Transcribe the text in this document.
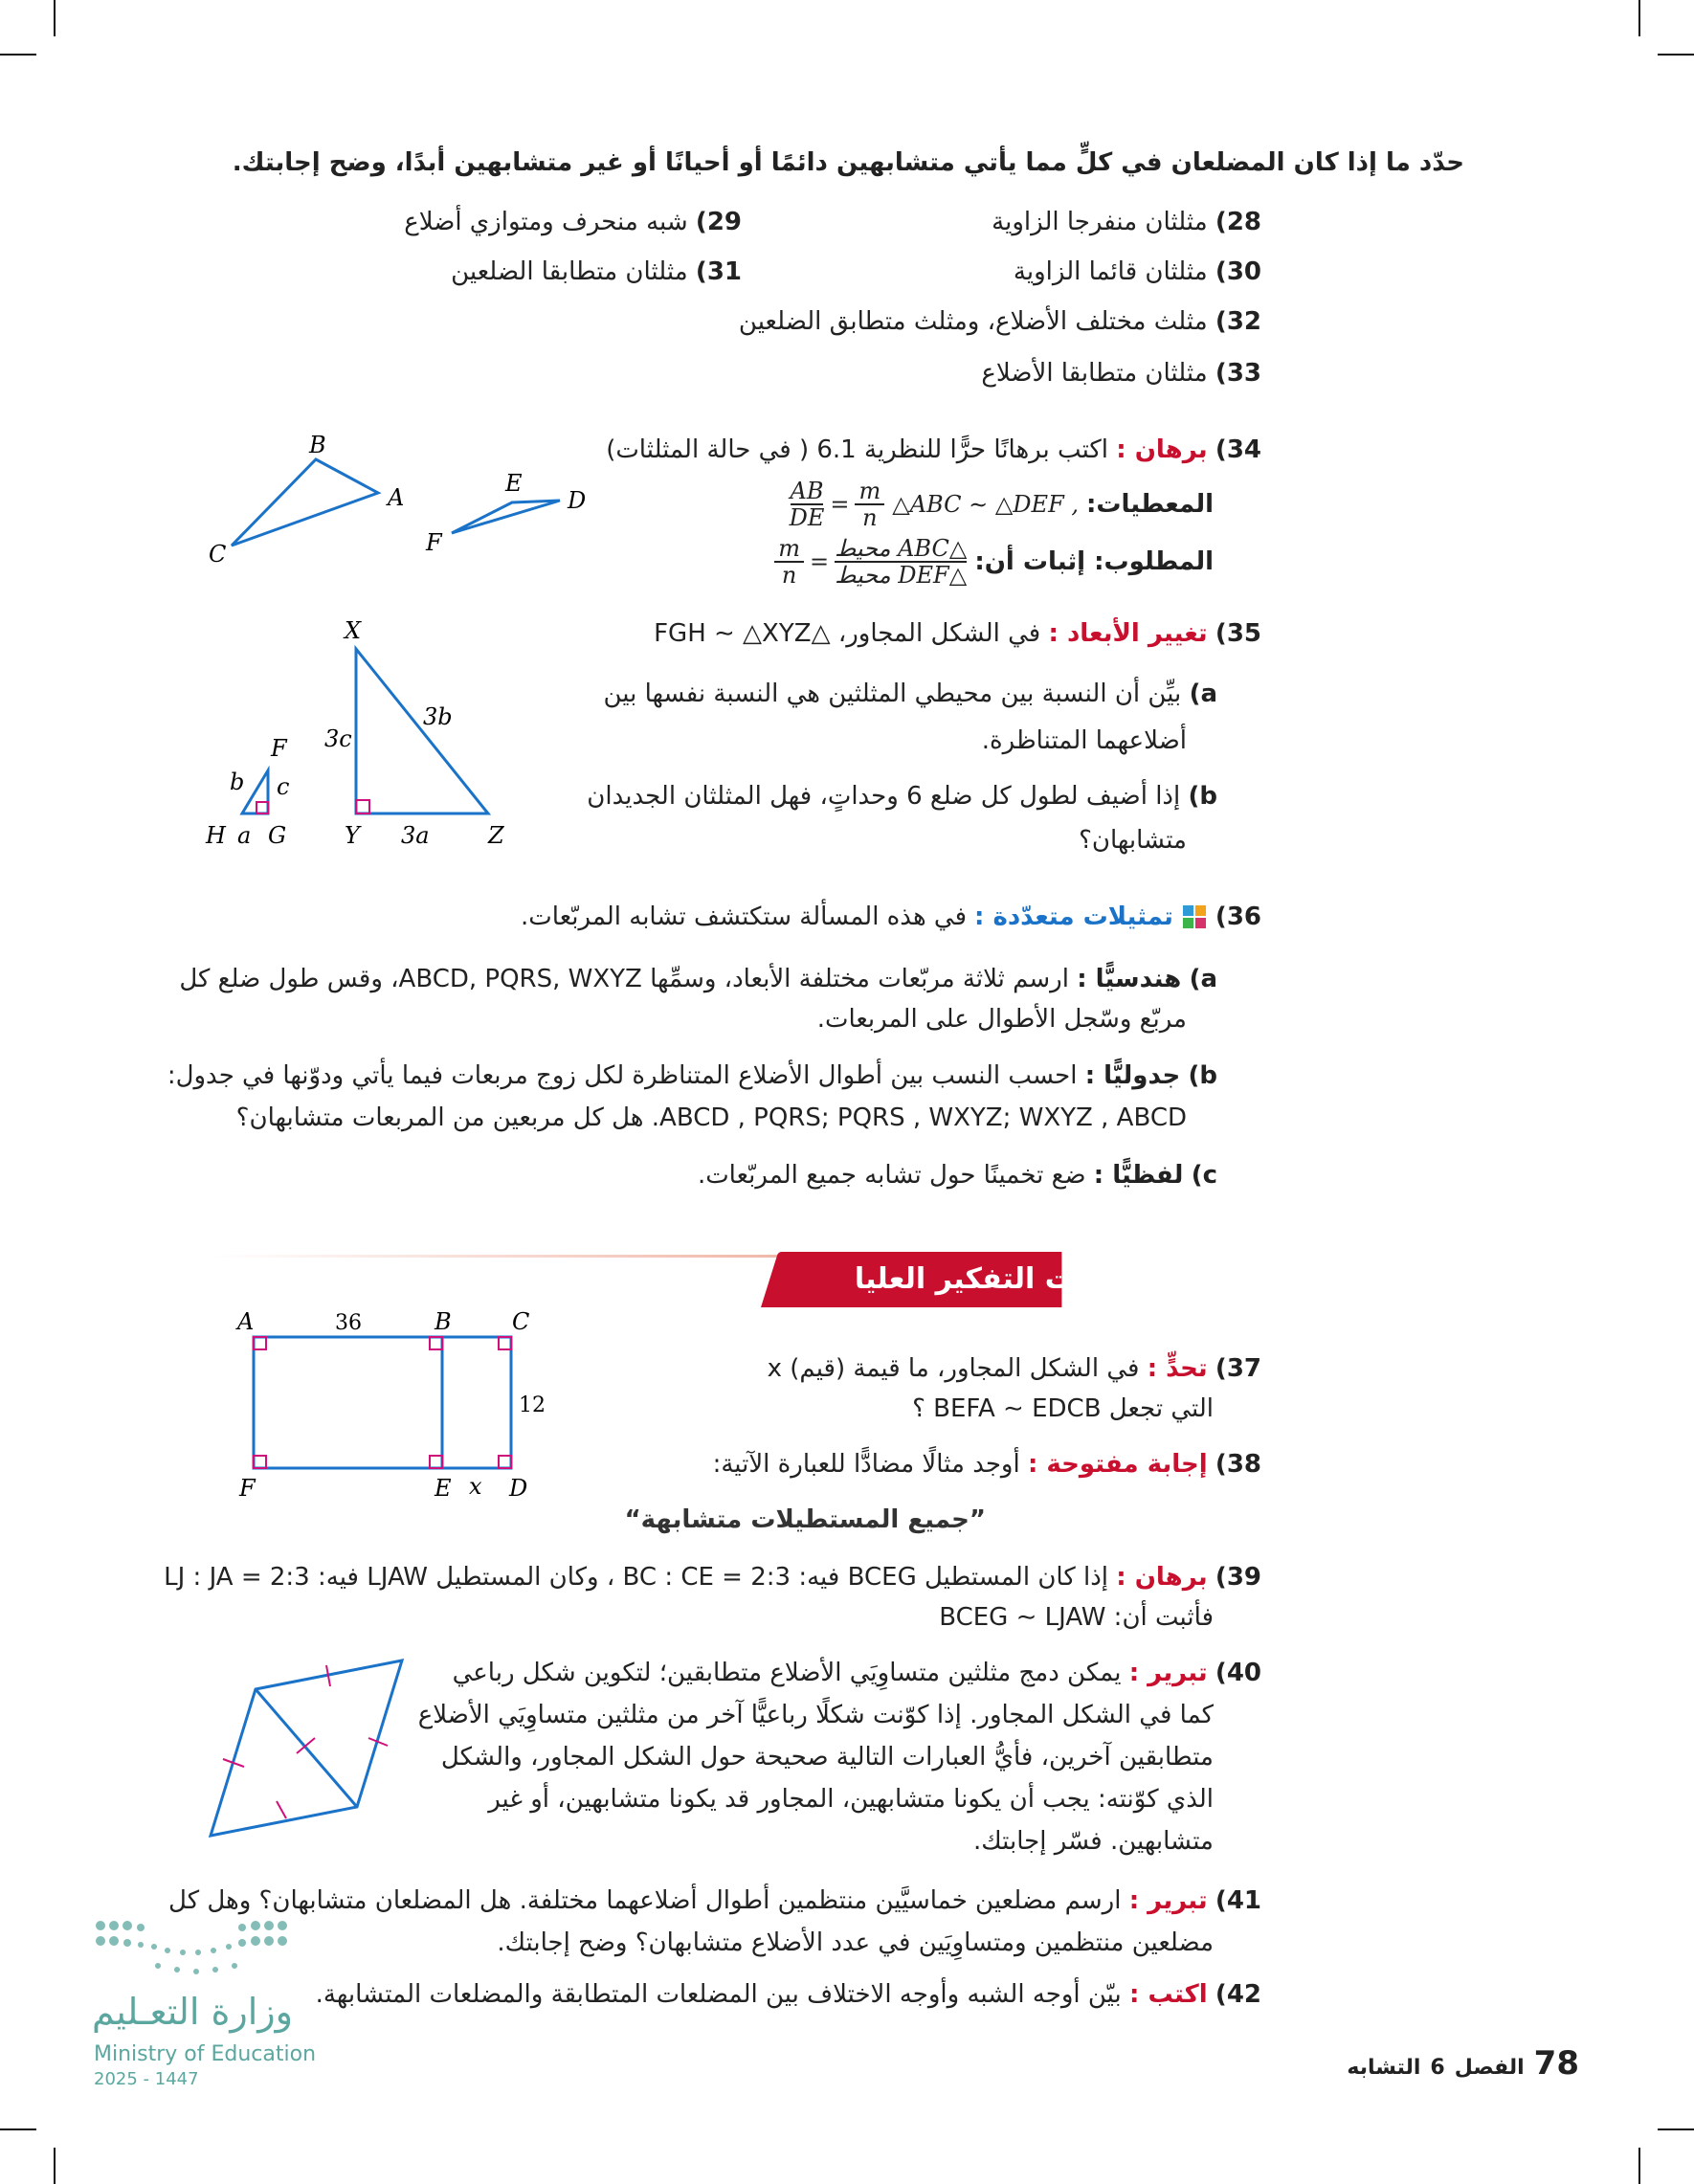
حدّد ما إذا كان المضلعان في كلٍّ مما يأتي متشابهين دائمًا أو أحيانًا أو غير متشابهين أبدًا، وضح إجابتك.
28) مثلثان منفرجا الزاوية
29) شبه منحرف ومتوازي أضلاع
30) مثلثان قائما الزاوية
31) مثلثان متطابقا الضلعين
32) مثلث مختلف الأضلاع، ومثلث متطابق الضلعين
33) مثلثان متطابقا الأضلاع
34) برهان : اكتب برهانًا حرًّا للنظرية 6.1 ( في حالة المثلثات)
المعطيات:
△ABC ∼ △DEF ,
$\frac{AB}{DE} = \frac{m}{n}$
المطلوب: إثبات أن:
$\frac{m}{n}$ = △ABC محيط
△DEF محيط
B
A
C
E
D
F
35) تغيير الأبعاد : في الشكل المجاور، △FGH ∼ △XYZ
a) بيِّن أن النسبة بين محيطي المثلثين هي النسبة نفسها بين
أضلاعهما المتناظرة.
b) إذا أضيف لطول كل ضلع 6 وحداتٍ، فهل المثلثان الجديدان
متشابهان؟
X
F
b c
H a G
3c
3b
Y 3a	Z
36)
تمثيلات متعدّدة :
في هذه المسألة ستكتشف تشابه المربّعات.
a) هندسيًّا : ارسم ثلاثة مربّعات مختلفة الأبعاد، وسمِّها ABCD, PQRS, WXYZ، وقس طول ضلع كل
مربّع وسّجل الأطوال على المربعات.
b) جدوليًّا : احسب النسب بين أطوال الأضلاع المتناظرة لكل زوج مربعات فيما يأتي ودوّنها في جدول:
ABCD , PQRS; PQRS , WXYZ; WXYZ , ABCD. هل كل مربعين من المربعات متشابهان؟
c) لفظيًّا : ضع تخمينًا حول تشابه جميع المربّعات.
مسائل مهارات التفكير العليا
A	36	B	C
12
F	E x D
37) تحدٍّ : في الشكل المجاور، ما قيمة (قيم) x
التي تجعل BEFA ∼ EDCB ؟
38) إجابة مفتوحة : أوجد مثالًا مضادًّا للعبارة الآتية:
”جميع المستطيلات متشابهة“
39) برهان : إذا كان المستطيل BCEG فيه: BC : CE = 2:3 ، وكان المستطيل LJAW فيه: LJ : JA = 2:3
فأثبت أن: BCEG ∼ LJAW
40) تبرير : يمكن دمج مثلثين متساوِيَي الأضلاع متطابقين؛ لتكوين شكل رباعي
كما في الشكل المجاور. إذا كوّنت شكلًا رباعيًّا آخر من مثلثين متساوِيَي الأضلاع
متطابقين آخرين، فأيُّ العبارات التالية صحيحة حول الشكل المجاور، والشكل
الذي كوّنته: يجب أن يكونا متشابهين، المجاور قد يكونا متشابهين، أو غير
متشابهين. فسّر إجابتك.
41) تبرير : ارسم مضلعين خماسيَّين منتظمين أطوال أضلاعهما مختلفة. هل المضلعان متشابهان؟ وهل كل
مضلعين منتظمين ومتساوِيَين في عدد الأضلاع متشابهان؟ وضح إجابتك.
42) اكتب : بيّن أوجه الشبه وأوجه الاختلاف بين المضلعات المتطابقة والمضلعات المتشابهة.
وزارة التعـليم
Ministry of Education
2025 - 1447	78
الفصل
6
التشابه
